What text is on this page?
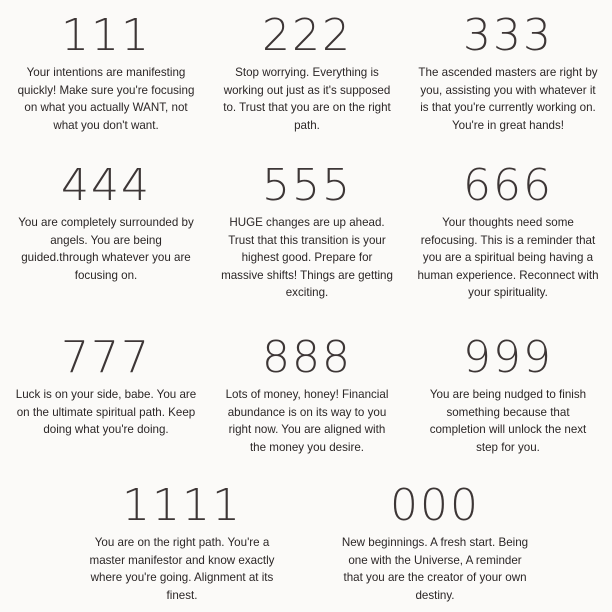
111
Your intentions are manifesting
quickly! Make sure you're focusing
on what you actually WANT, not
what you don't want.
222
Stop worrying. Everything is
working out just as it's supposed
to. Trust that you are on the right
path.
333
The ascended masters are right by
you, assisting you with whatever it
is that you're currently working on.
You're in great hands!
444
You are completely surrounded by
angels. You are being
guided.through whatever you are
focusing on.
555
HUGE changes are up ahead.
Trust that this transition is your
highest good. Prepare for
massive shifts! Things are getting
exciting.
666
Your thoughts need some
refocusing. This is a reminder that
you are a spiritual being having a
human experience. Reconnect with
your spirituality.
777
Luck is on your side, babe. You are
on the ultimate spiritual path. Keep
doing what you're doing.
888
Lots of money, honey! Financial
abundance is on its way to you
right now. You are aligned with
the money you desire.
999
You are being nudged to finish
something because that
completion will unlock the next
step for you.
1111
You are on the right path. You're a
master manifestor and know exactly
where you're going. Alignment at its
finest.
000
New beginnings. A fresh start. Being
one with the Universe, A reminder
that you are the creator of your own
destiny.
